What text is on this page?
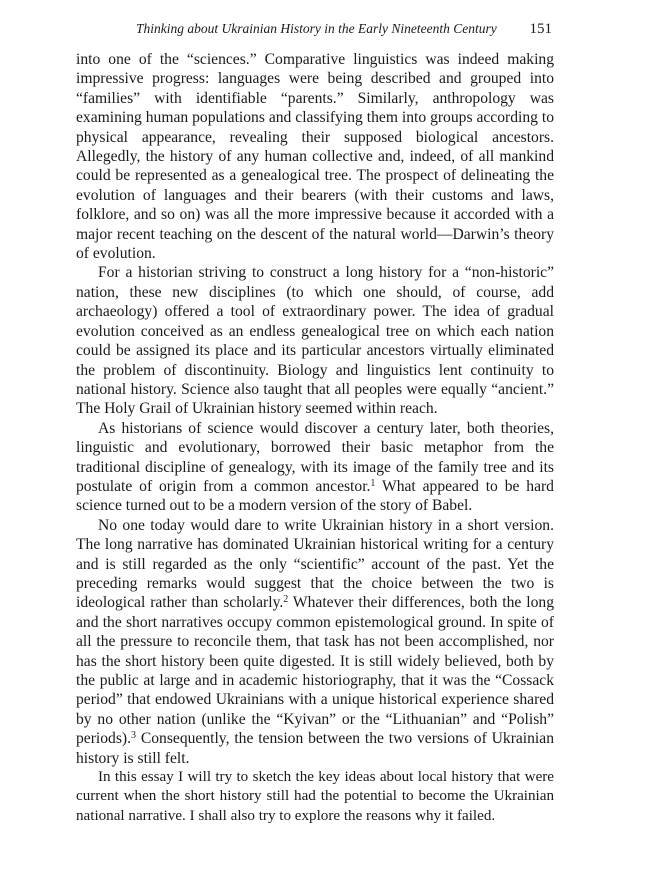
Thinking about Ukrainian History in the Early Nineteenth Century 151

into one of the “sciences.” Comparative linguistics was indeed making impressive progress: languages were being described and grouped into “families” with identifiable “parents.” Similarly, anthropology was examining human populations and classifying them into groups according to physical appearance, revealing their supposed biological ancestors. Allegedly, the history of any human collective and, indeed, of all mankind could be represented as a genealogical tree. The prospect of delineating the evolution of languages and their bearers (with their customs and laws, folklore, and so on) was all the more impressive because it accorded with a major recent teaching on the descent of the natural world—Darwin’s theory of evolution.

For a historian striving to construct a long history for a “non-historic” nation, these new disciplines (to which one should, of course, add archaeology) offered a tool of extraordinary power. The idea of gradual evolution conceived as an endless genealogical tree on which each nation could be assigned its place and its particular ancestors virtually eliminated the problem of discontinuity. Biology and linguistics lent continuity to national history. Science also taught that all peoples were equally “ancient.” The Holy Grail of Ukrainian history seemed within reach.

As historians of science would discover a century later, both theories, linguistic and evolutionary, borrowed their basic metaphor from the traditional discipline of genealogy, with its image of the family tree and its postulate of origin from a common ancestor.$^1$ What appeared to be hard science turned out to be a modern version of the story of Babel.

No one today would dare to write Ukrainian history in a short version. The long narrative has dominated Ukrainian historical writing for a century and is still regarded as the only “scientific” account of the past. Yet the preceding remarks would suggest that the choice between the two is ideological rather than scholarly.$^2$ Whatever their differences, both the long and the short narratives occupy common epistemological ground. In spite of all the pressure to reconcile them, that task has not been accomplished, nor has the short history been quite digested. It is still widely believed, both by the public at large and in academic historiography, that it was the “Cossack period” that endowed Ukrainians with a unique historical experience shared by no other nation (unlike the “Kyivan” or the “Lithuanian” and “Polish” periods).$^3$ Consequently, the tension between the two versions of Ukrainian history is still felt.

In this essay I will try to sketch the key ideas about local history that were current when the short history still had the potential to become the Ukrainian national narrative. I shall also try to explore the reasons why it failed.
